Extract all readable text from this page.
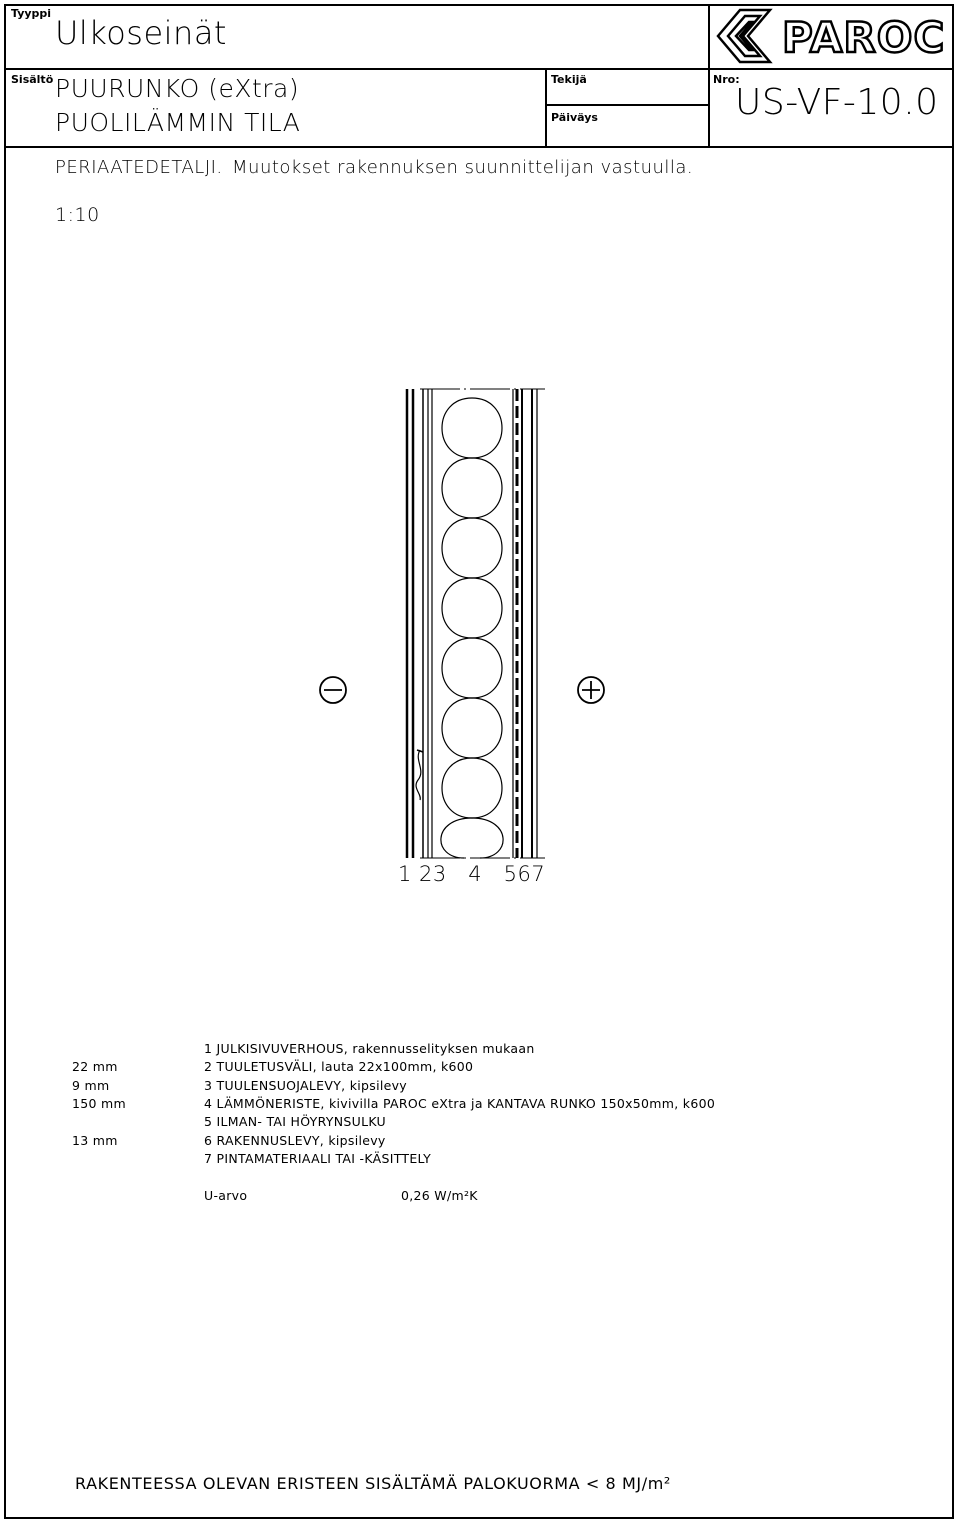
Tyyppi
Ulkoseinät
Sisältö PUURUNKO (eXtra)
PUOLILÄMMIN TILA
Tekijä
Päiväys
Nro:
US-VF-10.0
PERIAATEDETALJI. Muutokset rakennuksen suunnittelijan vastuulla.
1:10
PAROC
1 23   4   567
1 JULKISIVUVERHOUS, rakennusselityksen mukaan
22 mm	2 TUULETUSVÄLI, lauta 22x100mm, k600
9 mm	3 TUULENSUOJALEVY, kipsilevy
150 mm	4 LÄMMÖNERISTE, kivivilla PAROC eXtra ja KANTAVA RUNKO 150x50mm, k600
5 ILMAN- TAI HÖYRYNSULKU
13 mm	6 RAKENNUSLEVY, kipsilevy
7 PINTAMATERIAALI TAI -KÄSITTELY
U-arvo	0,26 W/m²K
RAKENTEESSA OLEVAN ERISTEEN SISÄLTÄMÄ PALOKUORMA < 8 MJ/m²
